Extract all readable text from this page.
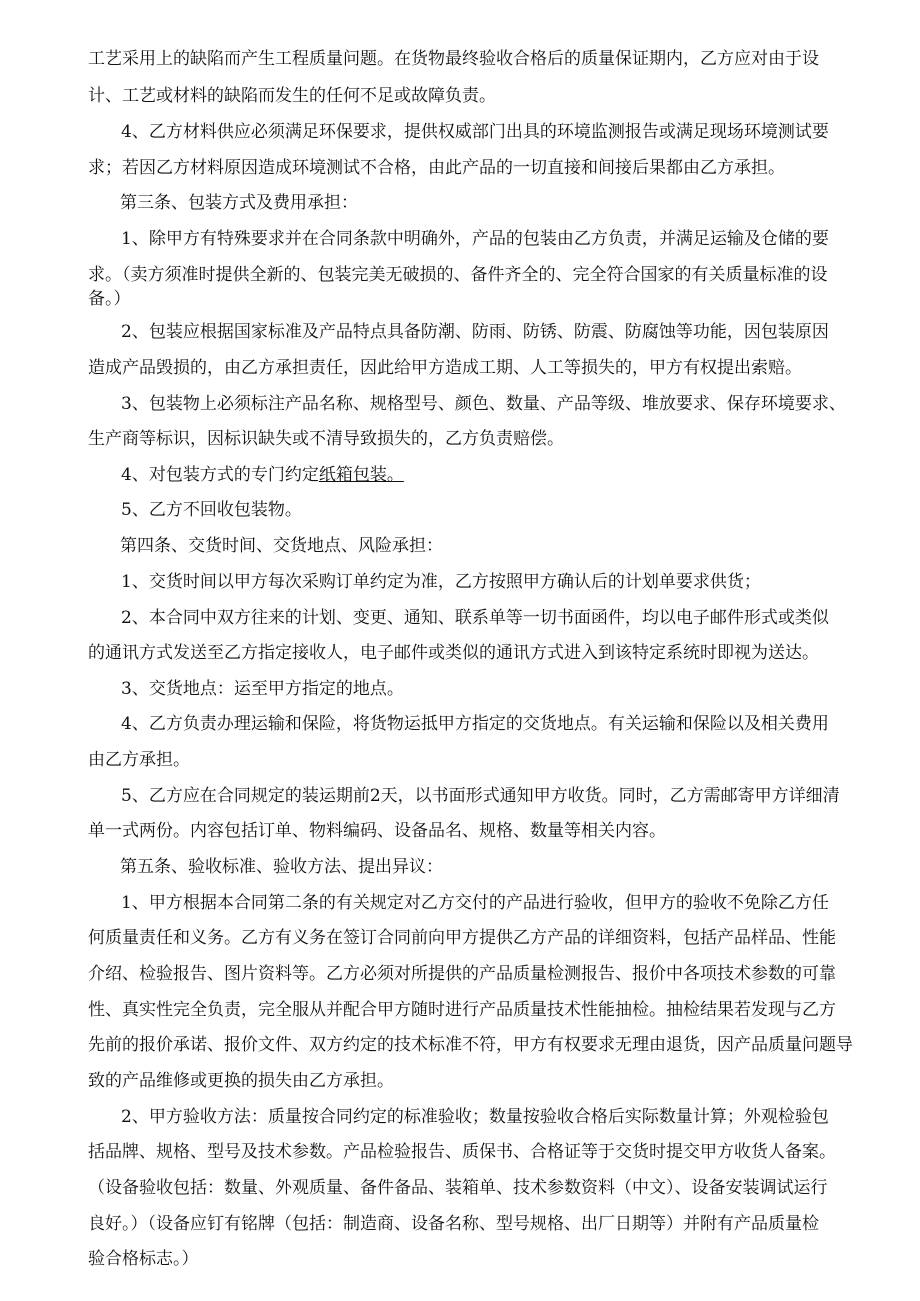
工艺采用上的缺陷而产生工程质量问题。在货物最终验收合格后的质量保证期内，乙方应对由于设
计、工艺或材料的缺陷而发生的任何不足或故障负责。
4、乙方材料供应必须满足环保要求，提供权威部门出具的环境监测报告或满足现场环境测试要
求；若因乙方材料原因造成环境测试不合格，由此产品的一切直接和间接后果都由乙方承担。
第三条、包装方式及费用承担：
1、除甲方有特殊要求并在合同条款中明确外，产品的包装由乙方负责，并满足运输及仓储的要
求。（卖方须准时提供全新的、包装完美无破损的、备件齐全的、完全符合国家的有关质量标准的设
备。）
2、包装应根据国家标准及产品特点具备防潮、防雨、防锈、防震、防腐蚀等功能，因包装原因
造成产品毁损的，由乙方承担责任，因此给甲方造成工期、人工等损失的，甲方有权提出索赔。
3、包装物上必须标注产品名称、规格型号、颜色、数量、产品等级、堆放要求、保存环境要求、
生产商等标识，因标识缺失或不清导致损失的，乙方负责赔偿。
4、对包装方式的专门约定纸箱包装。
5、乙方不回收包装物。
第四条、交货时间、交货地点、风险承担：
1、交货时间以甲方每次采购订单约定为准，乙方按照甲方确认后的计划单要求供货；
2、本合同中双方往来的计划、变更、通知、联系单等一切书面函件，均以电子邮件形式或类似
的通讯方式发送至乙方指定接收人，电子邮件或类似的通讯方式进入到该特定系统时即视为送达。
3、交货地点：运至甲方指定的地点。
4、乙方负责办理运输和保险，将货物运抵甲方指定的交货地点。有关运输和保险以及相关费用
由乙方承担。
5、乙方应在合同规定的装运期前2天，以书面形式通知甲方收货。同时，乙方需邮寄甲方详细清
单一式两份。内容包括订单、物料编码、设备品名、规格、数量等相关内容。
第五条、验收标准、验收方法、提出异议：
1、甲方根据本合同第二条的有关规定对乙方交付的产品进行验收，但甲方的验收不免除乙方任
何质量责任和义务。乙方有义务在签订合同前向甲方提供乙方产品的详细资料，包括产品样品、性能
介绍、检验报告、图片资料等。乙方必须对所提供的产品质量检测报告、报价中各项技术参数的可靠
性、真实性完全负责，完全服从并配合甲方随时进行产品质量技术性能抽检。抽检结果若发现与乙方
先前的报价承诺、报价文件、双方约定的技术标准不符，甲方有权要求无理由退货，因产品质量问题导
致的产品维修或更换的损失由乙方承担。
2、甲方验收方法：质量按合同约定的标准验收；数量按验收合格后实际数量计算；外观检验包
括品牌、规格、型号及技术参数。产品检验报告、质保书、合格证等于交货时提交甲方收货人备案。
（设备验收包括：数量、外观质量、备件备品、装箱单、技术参数资料（中文）、设备安装调试运行
良好。）（设备应钉有铭牌（包括：制造商、设备名称、型号规格、出厂日期等）并附有产品质量检
验合格标志。）
